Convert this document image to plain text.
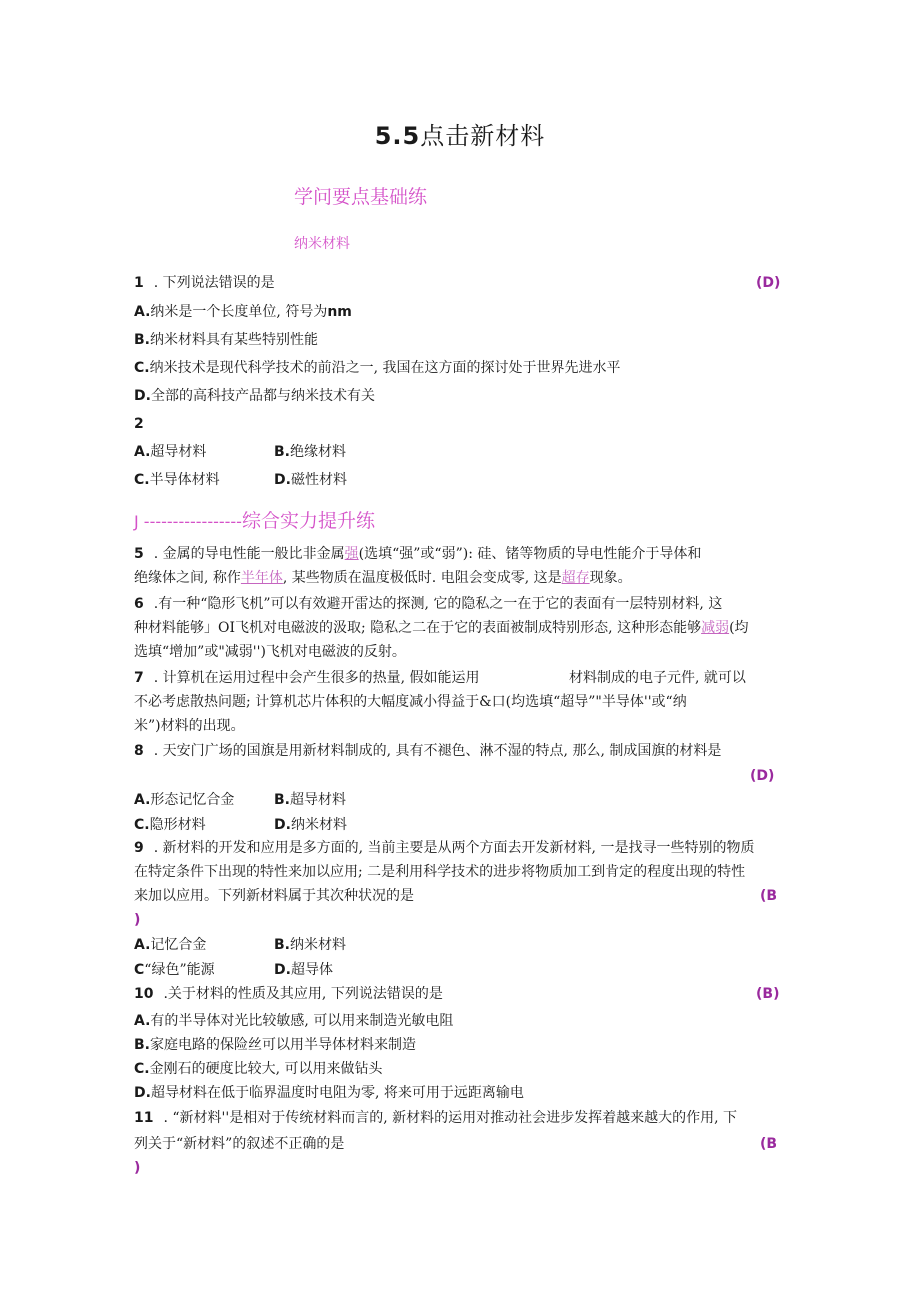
5.5点击新材料
学问要点基础练
纳米材料
1 . 下列说法错误的是	(D)
A.纳米是一个长度单位, 符号为nm
B.纳米材料具有某些特别性能
C.纳米技术是现代科学技术的前沿之一, 我国在这方面的探讨处于世界先进水平
D.全部的高科技产品都与纳米技术有关
2
A.超导材料	B.绝缘材料
C.半导体材料	D.磁性材料
J -----------------综合实力提升练
5 . 金属的导电性能一般比非金属强(选填“强”或“弱”): 硅、锗等物质的导电性能介于导体和
绝缘体之间, 称作半年体, 某些物质在温度极低时. 电阻会变成零, 这是超存现象。
6 .有一种“隐形飞机”可以有效避开雷达的探测, 它的隐私之一在于它的表面有一层特别材料, 这
种材料能够」OI飞机对电磁波的汲取; 隐私之二在于它的表面被制成特别形态, 这种形态能够减弱(均
选填“增加”或"减弱'')飞机对电磁波的反射。
7 . 计算机在运用过程中会产生很多的热量, 假如能运用	材料制成的电子元件, 就可以
不必考虑散热问题; 计算机芯片体积的大幅度减小得益于&口(均选填“超导”"半导体''或“纳
米”)材料的出现。
8 . 天安门广场的国旗是用新材料制成的, 具有不褪色、淋不湿的特点, 那么, 制成国旗的材料是
(D)
A.形态记忆合金	B.超导材料
C.隐形材料	D.纳米材料
9 . 新材料的开发和应用是多方面的, 当前主要是从两个方面去开发新材料, 一是找寻一些特别的物质
在特定条件下出现的特性来加以应用; 二是利用科学技术的进步将物质加工到肯定的程度出现的特性
来加以应用。下列新材料属于其次种状况的是	(B
)
A.记忆合金	B.纳米材料
C“绿色”能源	D.超导体
10 .关于材料的性质及其应用, 下列说法错误的是	(B)
A.有的半导体对光比较敏感, 可以用来制造光敏电阻
B.家庭电路的保险丝可以用半导体材料来制造
C.金刚石的硬度比较大, 可以用来做钻头
D.超导材料在低于临界温度时电阻为零, 将来可用于远距离输电
11 . “新材料''是相对于传统材料而言的, 新材料的运用对推动社会进步发挥着越来越大的作用, 下
列关于“新材料”的叙述不正确的是	(B
)
